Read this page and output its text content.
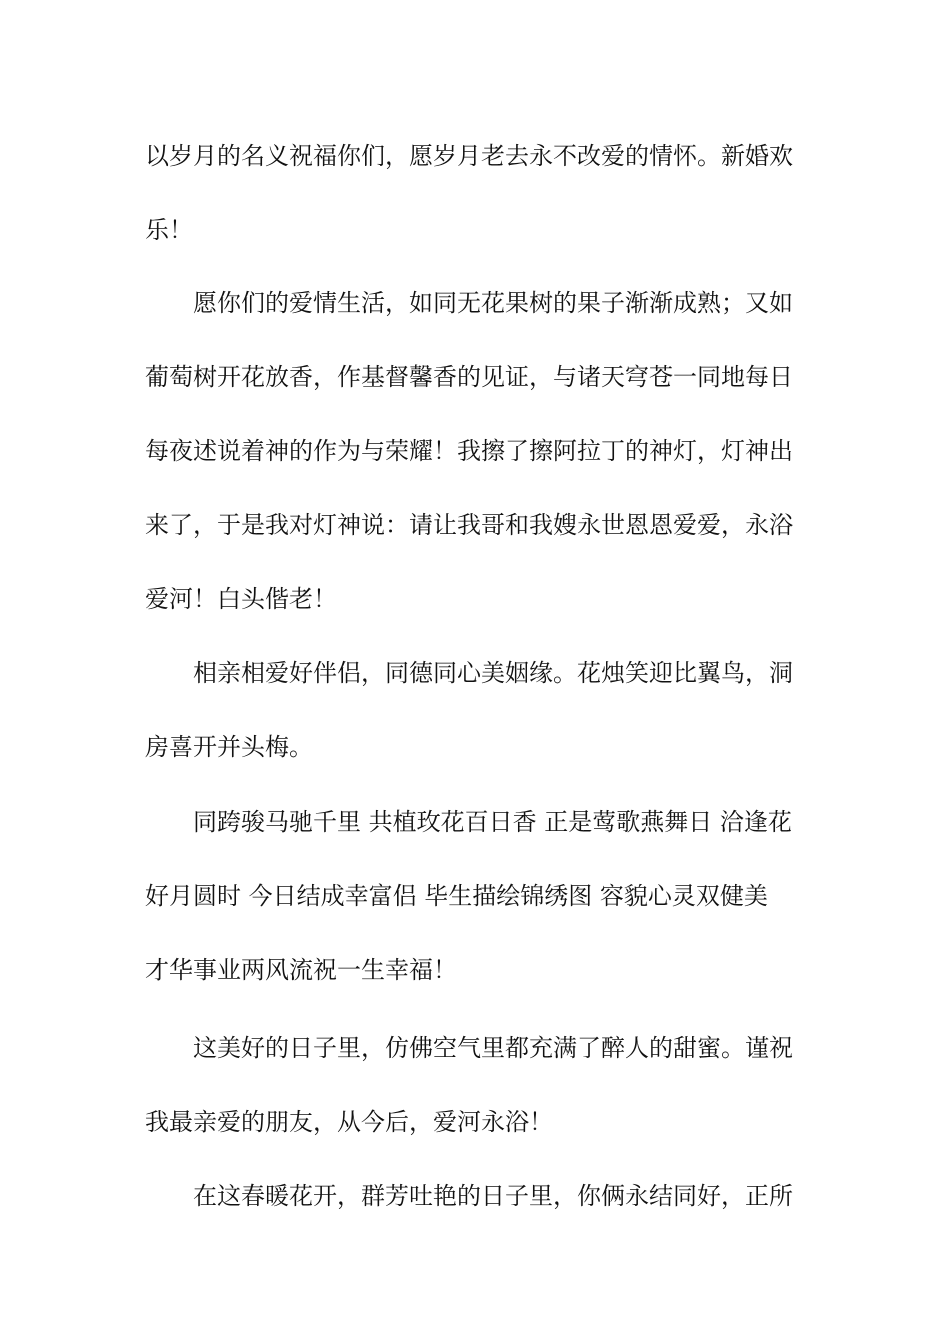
以岁月的名义祝福你们，愿岁月老去永不改爱的情怀。新婚欢

乐！

愿你们的爱情生活，如同无花果树的果子渐渐成熟；又如

葡萄树开花放香，作基督馨香的见证，与诸天穹苍一同地每日

每夜述说着神的作为与荣耀！我擦了擦阿拉丁的神灯，灯神出

来了，于是我对灯神说：请让我哥和我嫂永世恩恩爱爱，永浴

爱河！白头偕老！

相亲相爱好伴侣，同德同心美姻缘。花烛笑迎比翼鸟，洞

房喜开并头梅。

同跨骏马驰千里 共植玫花百日香 正是莺歌燕舞日 洽逢花

好月圆时 今日结成幸富侣 毕生描绘锦绣图 容貌心灵双健美

才华事业两风流祝一生幸福！

这美好的日子里，仿佛空气里都充满了醉人的甜蜜。谨祝

我最亲爱的朋友，从今后，爱河永浴！

在这春暖花开，群芳吐艳的日子里，你俩永结同好，正所
